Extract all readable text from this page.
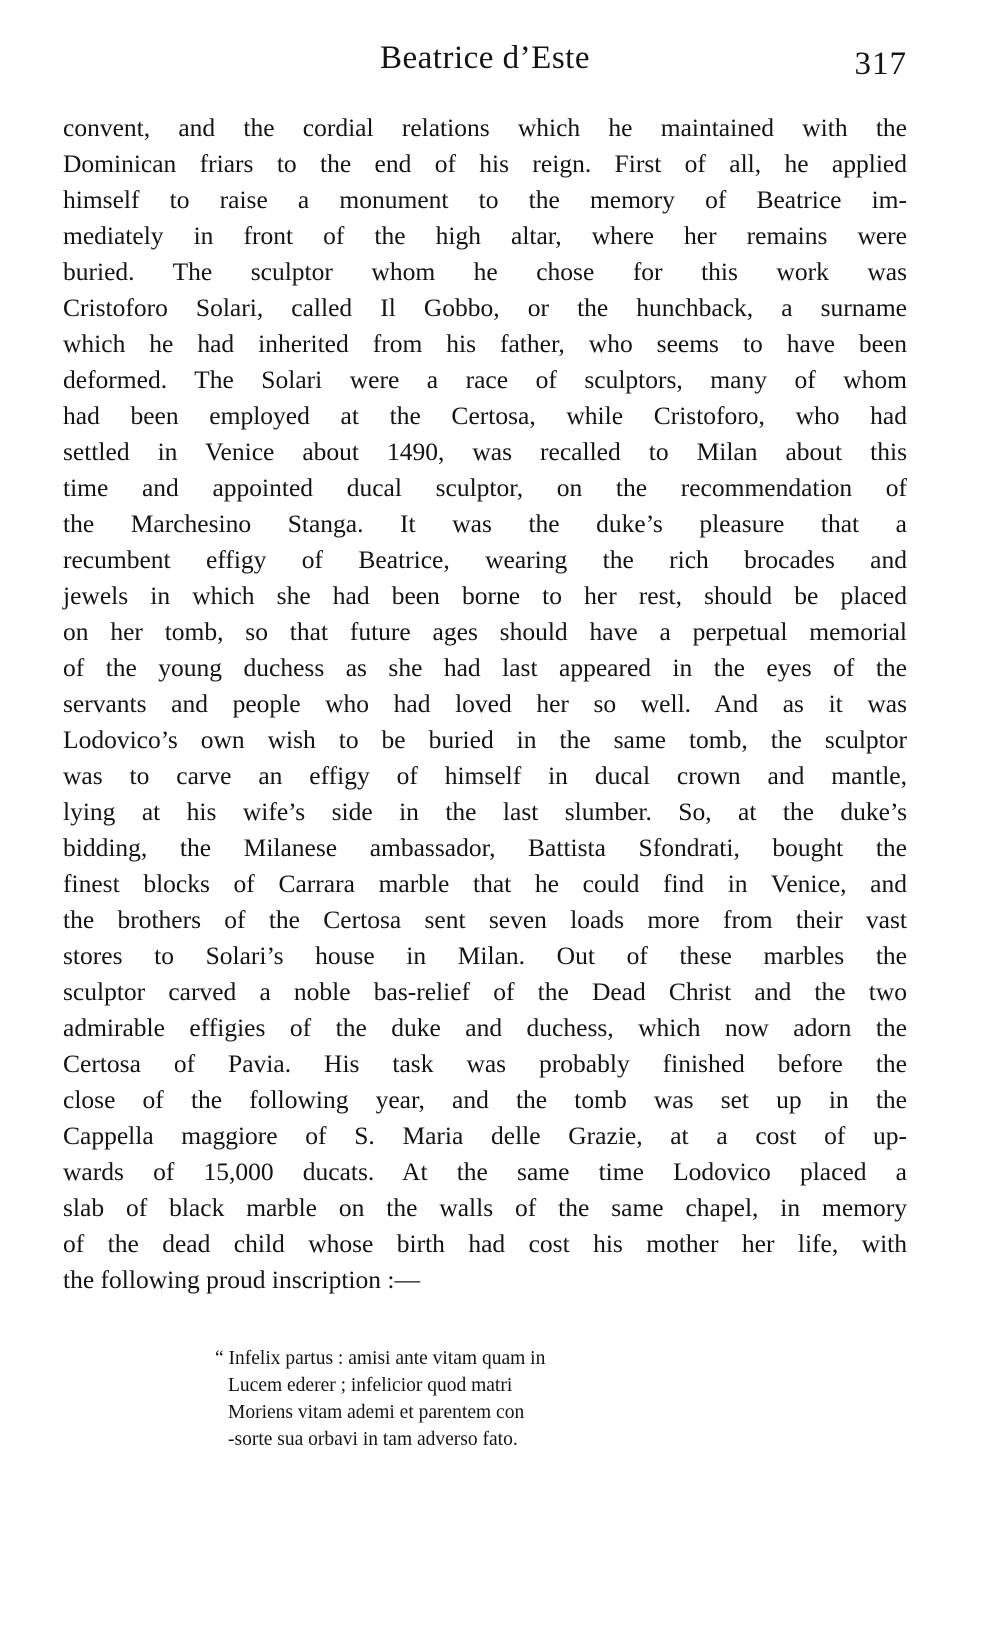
Beatrice d’Este	317
convent, and the cordial relations which he maintained with the
Dominican friars to the end of his reign. First of all, he applied
himself to raise a monument to the memory of Beatrice im-
mediately in front of the high altar, where her remains were
buried. The sculptor whom he chose for this work was
Cristoforo Solari, called Il Gobbo, or the hunchback, a surname
which he had inherited from his father, who seems to have been
deformed. The Solari were a race of sculptors, many of whom
had been employed at the Certosa, while Cristoforo, who had
settled in Venice about 1490, was recalled to Milan about this
time and appointed ducal sculptor, on the recommendation of
the Marchesino Stanga. It was the duke’s pleasure that a
recumbent effigy of Beatrice, wearing the rich brocades and
jewels in which she had been borne to her rest, should be placed
on her tomb, so that future ages should have a perpetual memorial
of the young duchess as she had last appeared in the eyes of the
servants and people who had loved her so well. And as it was
Lodovico’s own wish to be buried in the same tomb, the sculptor
was to carve an effigy of himself in ducal crown and mantle,
lying at his wife’s side in the last slumber. So, at the duke’s
bidding, the Milanese ambassador, Battista Sfondrati, bought the
finest blocks of Carrara marble that he could find in Venice, and
the brothers of the Certosa sent seven loads more from their vast
stores to Solari’s house in Milan. Out of these marbles the
sculptor carved a noble bas-relief of the Dead Christ and the two
admirable effigies of the duke and duchess, which now adorn the
Certosa of Pavia. His task was probably finished before the
close of the following year, and the tomb was set up in the
Cappella maggiore of S. Maria delle Grazie, at a cost of up-
wards of 15,000 ducats. At the same time Lodovico placed a
slab of black marble on the walls of the same chapel, in memory
of the dead child whose birth had cost his mother her life, with
the following proud inscription :—
“ Infelix partus : amisi ante vitam quam in
Lucem ederer ; infelicior quod matri
Moriens vitam ademi et parentem con
-sorte sua orbavi in tam adverso fato.
